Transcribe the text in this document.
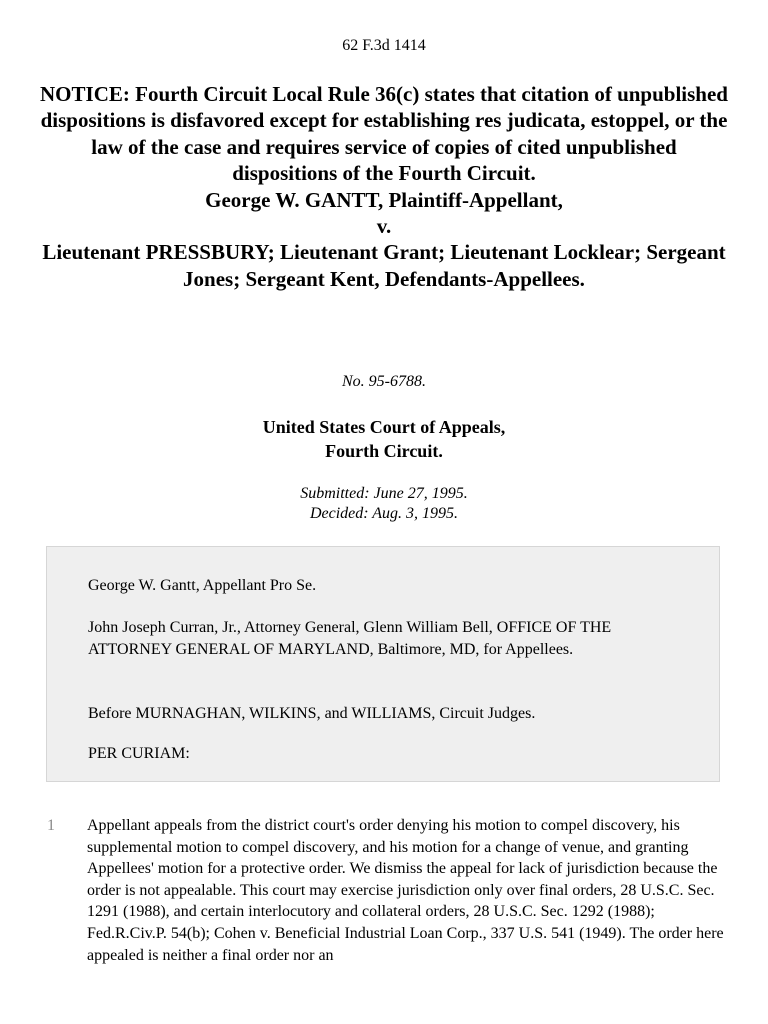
62 F.3d 1414
NOTICE: Fourth Circuit Local Rule 36(c) states that citation of unpublished dispositions is disfavored except for establishing res judicata, estoppel, or the law of the case and requires service of copies of cited unpublished dispositions of the Fourth Circuit.
George W. GANTT, Plaintiff-Appellant,
v.
Lieutenant PRESSBURY; Lieutenant Grant; Lieutenant Locklear; Sergeant Jones; Sergeant Kent, Defendants-Appellees.
No. 95-6788.
United States Court of Appeals,
Fourth Circuit.
Submitted: June 27, 1995.
Decided: Aug. 3, 1995.

George W. Gantt, Appellant Pro Se.

John Joseph Curran, Jr., Attorney General, Glenn William Bell, OFFICE OF THE ATTORNEY GENERAL OF MARYLAND, Baltimore, MD, for Appellees.

Before MURNAGHAN, WILKINS, and WILLIAMS, Circuit Judges.

PER CURIAM:

1 Appellant appeals from the district court's order denying his motion to compel discovery, his supplemental motion to compel discovery, and his motion for a change of venue, and granting Appellees' motion for a protective order. We dismiss the appeal for lack of jurisdiction because the order is not appealable. This court may exercise jurisdiction only over final orders, 28 U.S.C. Sec. 1291 (1988), and certain interlocutory and collateral orders, 28 U.S.C. Sec. 1292 (1988); Fed.R.Civ.P. 54(b); Cohen v. Beneficial Industrial Loan Corp., 337 U.S. 541 (1949). The order here appealed is neither a final order nor an
